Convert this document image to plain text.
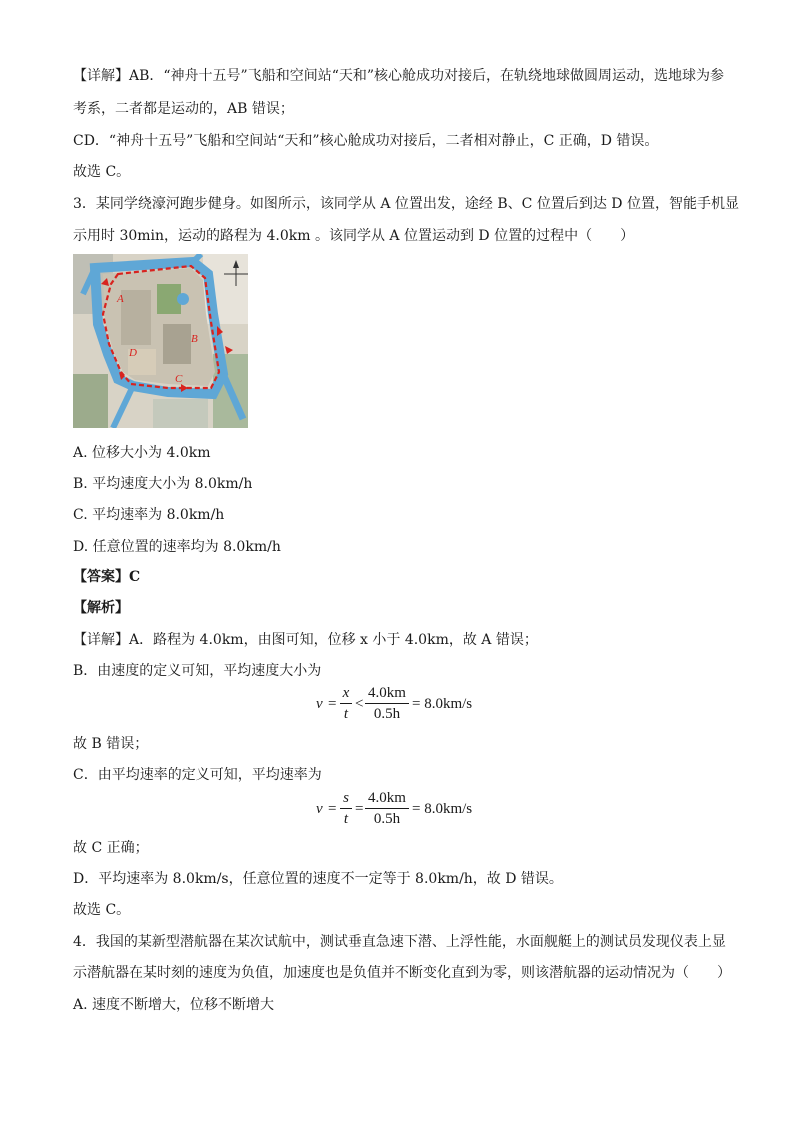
【详解】AB．“神舟十五号”飞船和空间站“天和”核心舱成功对接后，在轨绕地球做圆周运动，选地球为参
考系，二者都是运动的，AB 错误；
CD．“神舟十五号”飞船和空间站“天和”核心舱成功对接后，二者相对静止，C 正确，D 错误。
故选 C。
3．某同学绕濠河跑步健身。如图所示，该同学从 A 位置出发，途经 B、C 位置后到达 D 位置，智能手机显
示用时 30min，运动的路程为 4.0km 。该同学从 A 位置运动到 D 位置的过程中（　　）
A
B
C
D
A. 位移大小为 4.0km
B. 平均速度大小为 8.0km/h
C. 平均速率为 8.0km/h
D. 任意位置的速率均为 8.0km/h
【答案】C
【解析】
【详解】A．路程为 4.0km，由图可知，位移 x 小于 4.0km，故 A 错误；
B．由速度的定义可知，平均速度大小为
v =
x
t
<
4.0km
0.5h
= 8.0km/s
故 B 错误；
C．由平均速率的定义可知，平均速率为
v =
s
t
=
4.0km
0.5h
= 8.0km/s
故 C 正确；
D．平均速率为 8.0km/s，任意位置的速度不一定等于 8.0km/h，故 D 错误。
故选 C。
4．我国的某新型潜航器在某次试航中，测试垂直急速下潜、上浮性能，水面舰艇上的测试员发现仪表上显
示潜航器在某时刻的速度为负值，加速度也是负值并不断变化直到为零，则该潜航器的运动情况为（　　）
A. 速度不断增大，位移不断增大
